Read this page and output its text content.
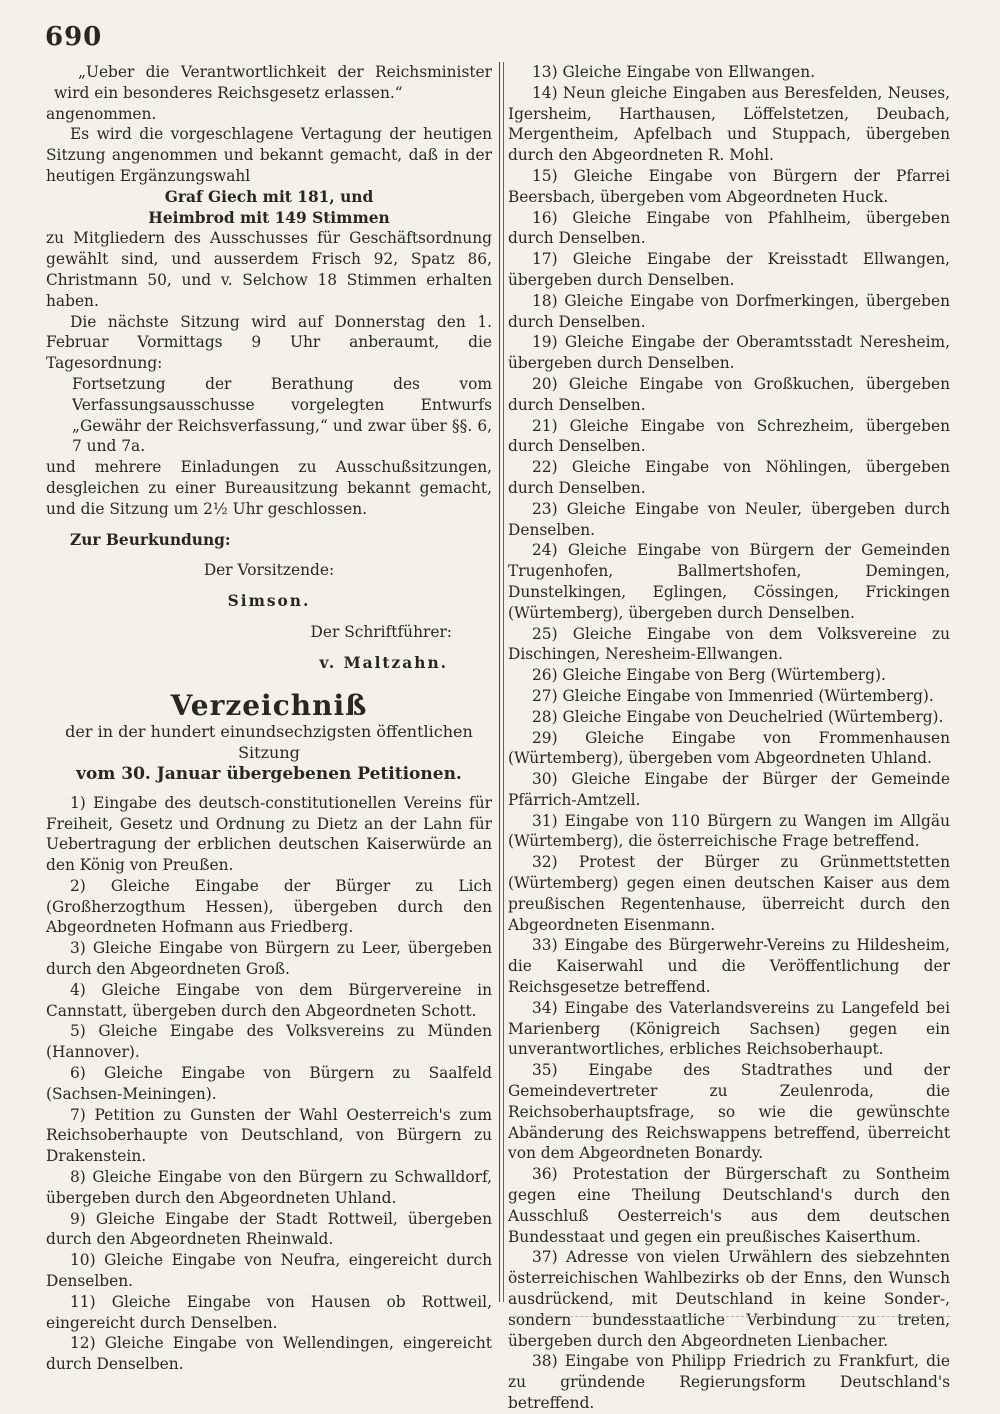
690

„Ueber die Verantwortlichkeit der Reichsminister wird ein besonderes Reichsgesetz erlassen.“

angenommen.

Es wird die vorgeschlagene Vertagung der heutigen Sitzung angenommen und bekannt gemacht, daß in der heutigen Ergänzungswahl

Graf Giech mit 181, und

Heimbrod mit 149 Stimmen

zu Mitgliedern des Ausschusses für Geschäftsordnung gewählt sind, und ausserdem Frisch 92, Spatz 86, Christmann 50, und v. Selchow 18 Stimmen erhalten haben.

Die nächste Sitzung wird auf Donnerstag den 1. Februar Vormittags 9 Uhr anberaumt, die Tagesordnung:

Fortsetzung der Berathung des vom Verfassungsausschusse vorgelegten Entwurfs „Gewähr der Reichsverfassung,“ und zwar über §§. 6, 7 und 7a.

und mehrere Einladungen zu Ausschußsitzungen, desgleichen zu einer Bureausitzung bekannt gemacht, und die Sitzung um 2½ Uhr geschlossen.

Zur Beurkundung:

Der Vorsitzende:

Simson.

Der Schriftführer:

v. Maltzahn.

Verzeichniß
der in der hundert einundsechzigsten öffentlichen Sitzung
vom 30. Januar übergebenen Petitionen.

1) Eingabe des deutsch-constitutionellen Vereins für Freiheit, Gesetz und Ordnung zu Dietz an der Lahn für Uebertragung der erblichen deutschen Kaiserwürde an den König von Preußen.

2) Gleiche Eingabe der Bürger zu Lich (Großherzogthum Hessen), übergeben durch den Abgeordneten Hofmann aus Friedberg.

3) Gleiche Eingabe von Bürgern zu Leer, übergeben durch den Abgeordneten Groß.

4) Gleiche Eingabe von dem Bürgervereine in Cannstatt, übergeben durch den Abgeordneten Schott.

5) Gleiche Eingabe des Volksvereins zu Münden (Hannover).

6) Gleiche Eingabe von Bürgern zu Saalfeld (Sachsen-Meiningen).

7) Petition zu Gunsten der Wahl Oesterreich's zum Reichsoberhaupte von Deutschland, von Bürgern zu Drakenstein.

8) Gleiche Eingabe von den Bürgern zu Schwalldorf, übergeben durch den Abgeordneten Uhland.

9) Gleiche Eingabe der Stadt Rottweil, übergeben durch den Abgeordneten Rheinwald.

10) Gleiche Eingabe von Neufra, eingereicht durch Denselben.

11) Gleiche Eingabe von Hausen ob Rottweil, eingereicht durch Denselben.

12) Gleiche Eingabe von Wellendingen, eingereicht durch Denselben.

13) Gleiche Eingabe von Ellwangen.

14) Neun gleiche Eingaben aus Beresfelden, Neuses, Igersheim, Harthausen, Löffelstetzen, Deubach, Mergentheim, Apfelbach und Stuppach, übergeben durch den Abgeordneten R. Mohl.

15) Gleiche Eingabe von Bürgern der Pfarrei Beersbach, übergeben vom Abgeordneten Huck.

16) Gleiche Eingabe von Pfahlheim, übergeben durch Denselben.

17) Gleiche Eingabe der Kreisstadt Ellwangen, übergeben durch Denselben.

18) Gleiche Eingabe von Dorfmerkingen, übergeben durch Denselben.

19) Gleiche Eingabe der Oberamtsstadt Neresheim, übergeben durch Denselben.

20) Gleiche Eingabe von Großkuchen, übergeben durch Denselben.

21) Gleiche Eingabe von Schrezheim, übergeben durch Denselben.

22) Gleiche Eingabe von Nöhlingen, übergeben durch Denselben.

23) Gleiche Eingabe von Neuler, übergeben durch Denselben.

24) Gleiche Eingabe von Bürgern der Gemeinden Trugenhofen, Ballmertshofen, Demingen, Dunstelkingen, Eglingen, Cössingen, Frickingen (Würtemberg), übergeben durch Denselben.

25) Gleiche Eingabe von dem Volksvereine zu Dischingen, Neresheim-Ellwangen.

26) Gleiche Eingabe von Berg (Würtemberg).

27) Gleiche Eingabe von Immenried (Würtemberg).

28) Gleiche Eingabe von Deuchelried (Würtemberg).

29) Gleiche Eingabe von Frommenhausen (Würtemberg), übergeben vom Abgeordneten Uhland.

30) Gleiche Eingabe der Bürger der Gemeinde Pfärrich-Amtzell.

31) Eingabe von 110 Bürgern zu Wangen im Allgäu (Würtemberg), die österreichische Frage betreffend.

32) Protest der Bürger zu Grünmettstetten (Würtemberg) gegen einen deutschen Kaiser aus dem preußischen Regentenhause, überreicht durch den Abgeordneten Eisenmann.

33) Eingabe des Bürgerwehr-Vereins zu Hildesheim, die Kaiserwahl und die Veröffentlichung der Reichsgesetze betreffend.

34) Eingabe des Vaterlandsvereins zu Langefeld bei Marienberg (Königreich Sachsen) gegen ein unverantwortliches, erbliches Reichsoberhaupt.

35) Eingabe des Stadtrathes und der Gemeindevertreter zu Zeulenroda, die Reichsoberhauptsfrage, so wie die gewünschte Abänderung des Reichswappens betreffend, überreicht von dem Abgeordneten Bonardy.

36) Protestation der Bürgerschaft zu Sontheim gegen eine Theilung Deutschland's durch den Ausschluß Oesterreich's aus dem deutschen Bundesstaat und gegen ein preußisches Kaiserthum.

37) Adresse von vielen Urwählern des siebzehnten österreichischen Wahlbezirks ob der Enns, den Wunsch ausdrückend, mit Deutschland in keine Sonder-, sondern bundesstaatliche Verbindung zu treten, übergeben durch den Abgeordneten Lienbacher.

38) Eingabe von Philipp Friedrich zu Frankfurt, die zu gründende Regierungsform Deutschland's betreffend.
